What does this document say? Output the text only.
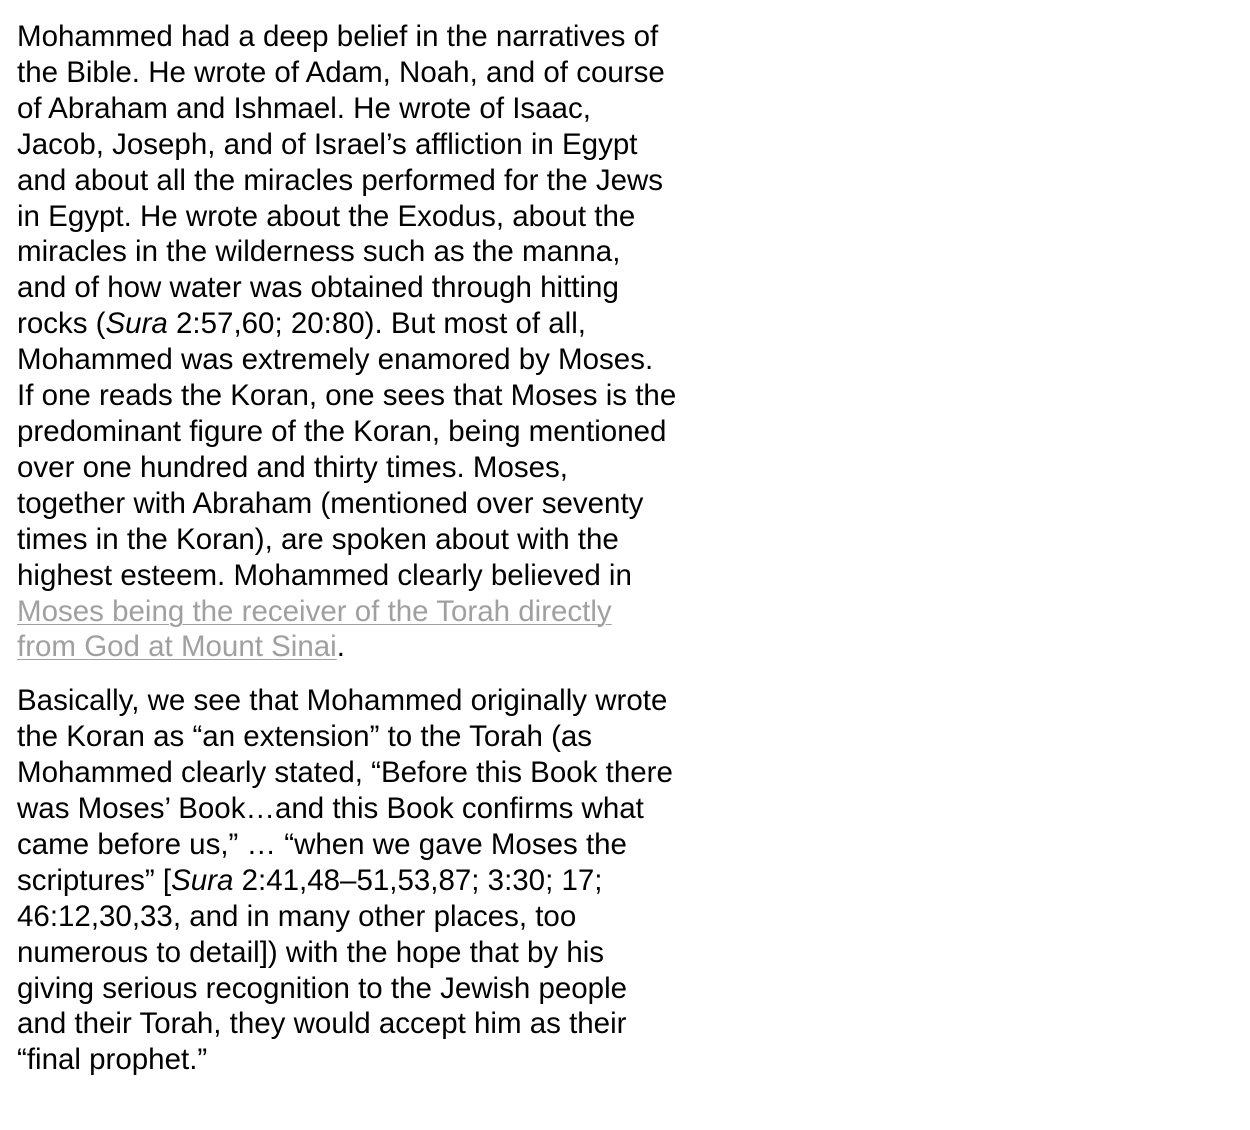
Mohammed had a deep belief in the narratives of the Bible. He wrote of Adam, Noah, and of course of Abraham and Ishmael. He wrote of Isaac, Jacob, Joseph, and of Israel’s affliction in Egypt and about all the miracles performed for the Jews in Egypt. He wrote about the Exodus, about the miracles in the wilderness such as the manna, and of how water was obtained through hitting rocks (Sura 2:57,60; 20:80). But most of all, Mohammed was extremely enamored by Moses. If one reads the Koran, one sees that Moses is the predominant figure of the Koran, being mentioned over one hundred and thirty times. Moses, together with Abraham (mentioned over seventy times in the Koran), are spoken about with the highest esteem. Mohammed clearly believed in Moses being the receiver of the Torah directly from God at Mount Sinai.

Basically, we see that Mohammed originally wrote the Koran as “an extension” to the Torah (as Mohammed clearly stated, “Before this Book there was Moses’ Book…and this Book confirms what came before us,” … “when we gave Moses the scriptures” [Sura 2:41,48–51,53,87; 3:30; 17; 46:12,30,33, and in many other places, too numerous to detail]) with the hope that by his giving serious recognition to the Jewish people and their Torah, they would accept him as their “final prophet.”
